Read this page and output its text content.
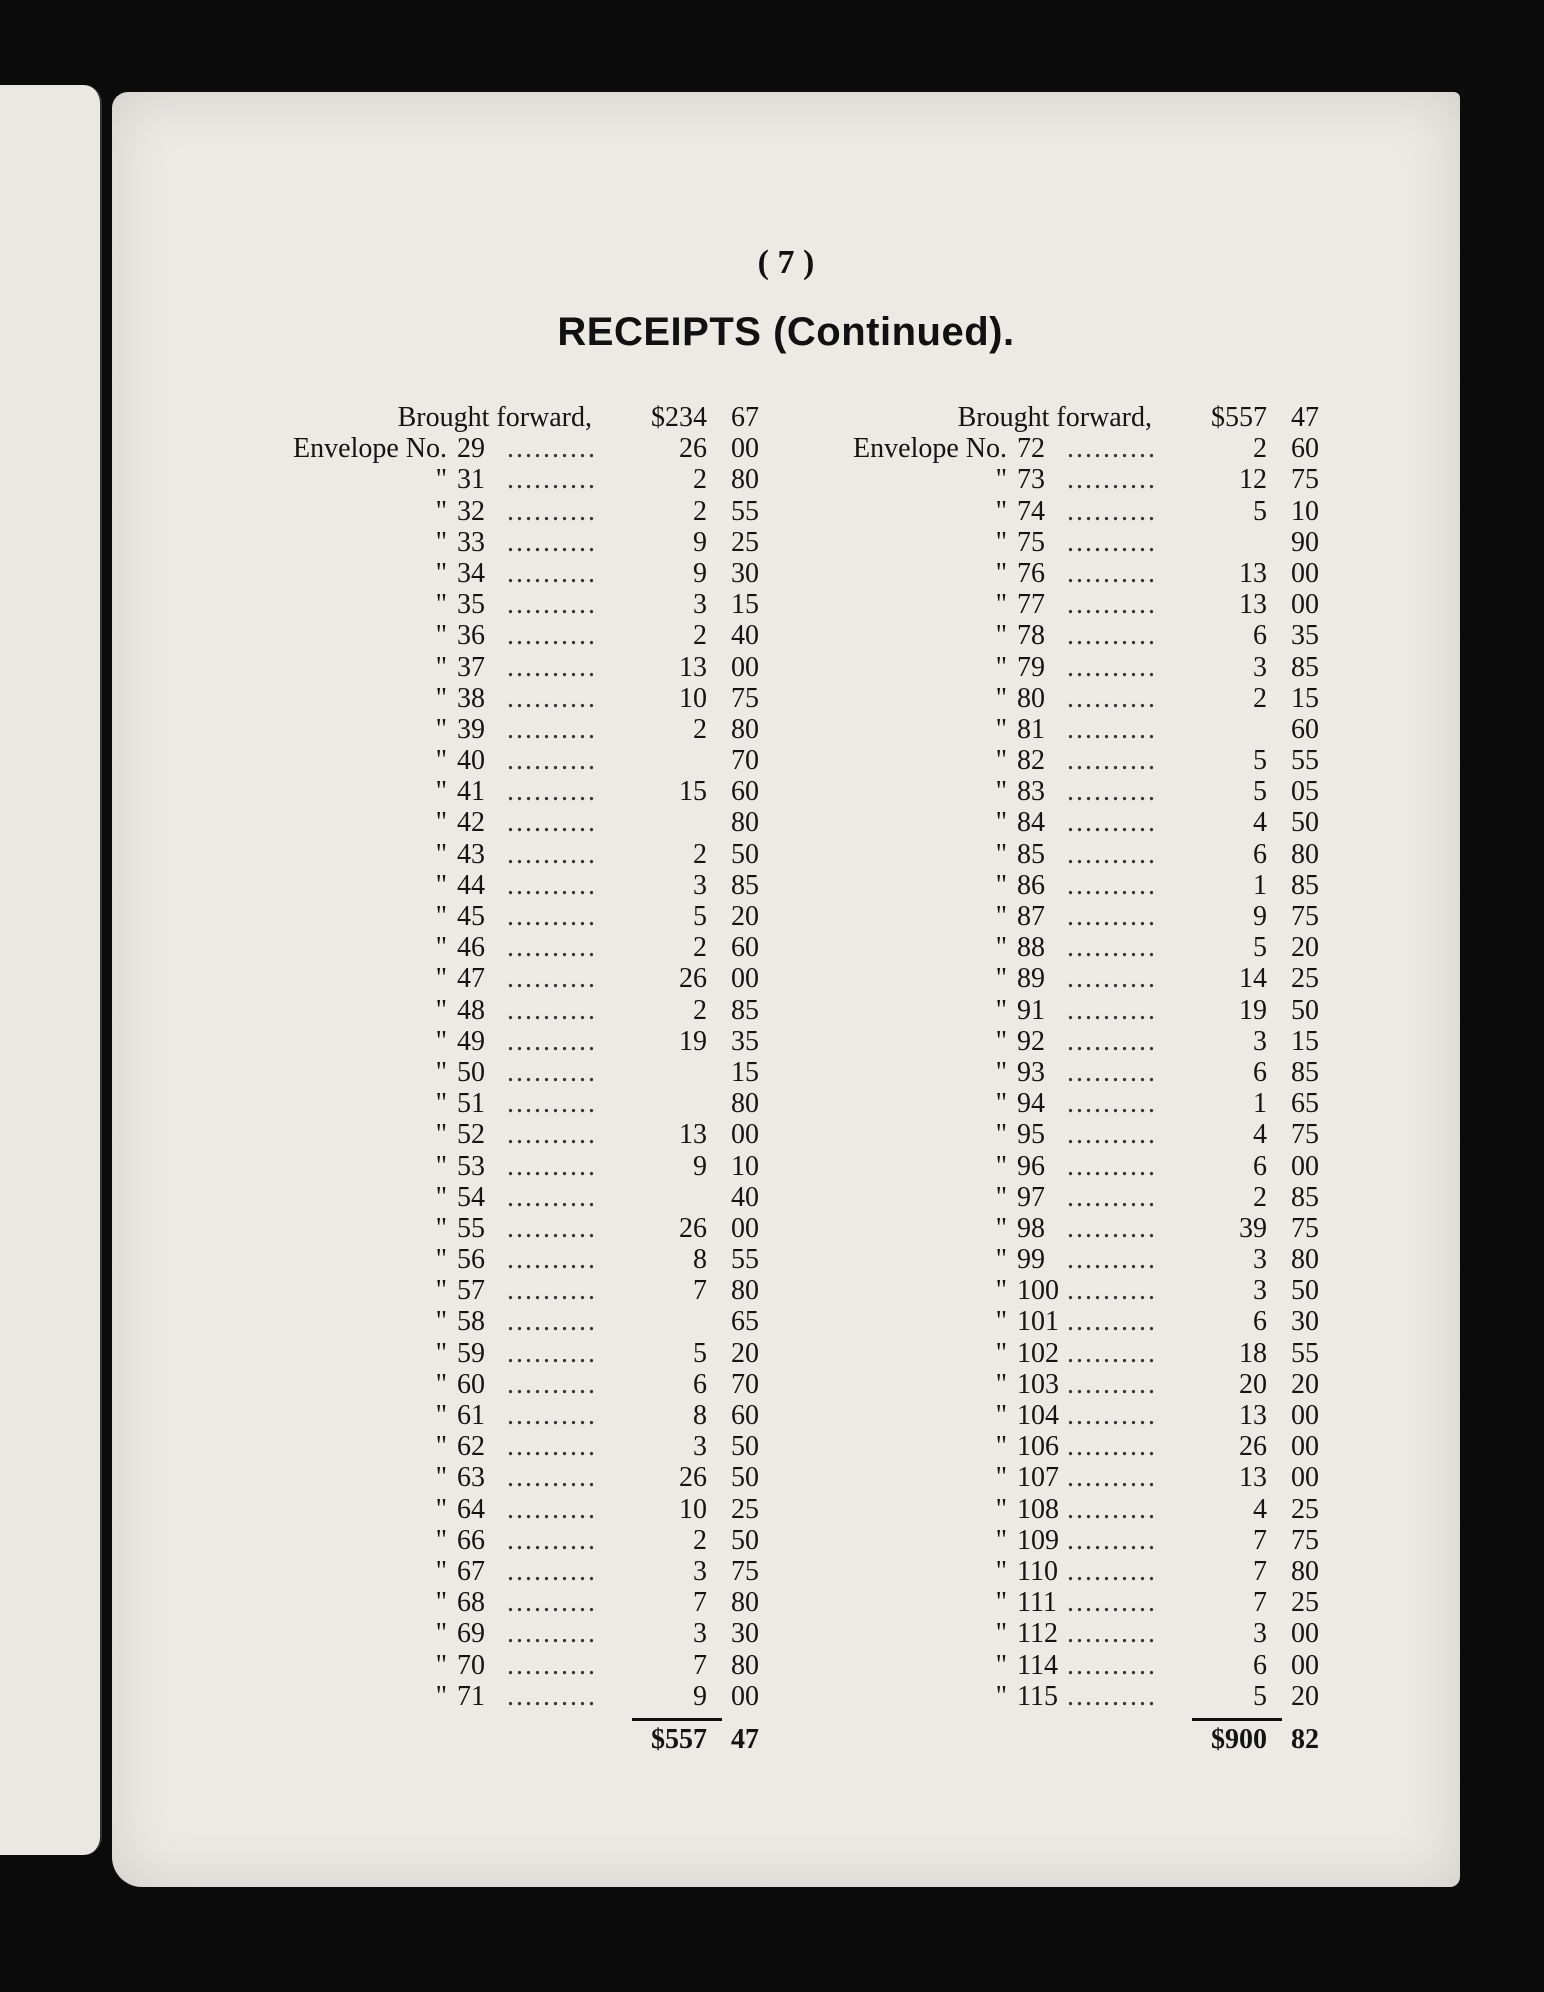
( 7 )
RECEIPTS (Continued).
Brought forward,	$234 67
Envelope No. 29 ..........	26 00
" 31 ..........	2 80
" 32 ..........	2 55
" 33 ..........	9 25
" 34 ..........	9 30
" 35 ..........	3 15
" 36 ..........	2 40
" 37 ..........	13 00
" 38 ..........	10 75
" 39 ..........	2 80
" 40 ..........	70
" 41 ..........	15 60
" 42 ..........	80
" 43 ..........	2 50
" 44 ..........	3 85
" 45 ..........	5 20
" 46 ..........	2 60
" 47 ..........	26 00
" 48 ..........	2 85
" 49 ..........	19 35
" 50 ..........	15
" 51 ..........	80
" 52 ..........	13 00
" 53 ..........	9 10
" 54 ..........	40
" 55 ..........	26 00
" 56 ..........	8 55
" 57 ..........	7 80
" 58 ..........	65
" 59 ..........	5 20
" 60 ..........	6 70
" 61 ..........	8 60
" 62 ..........	3 50
" 63 ..........	26 50
" 64 ..........	10 25
" 66 ..........	2 50
" 67 ..........	3 75
" 68 ..........	7 80
" 69 ..........	3 30
" 70 ..........	7 80
" 71 ..........	9 00
$557 47
Brought forward,	$557 47
Envelope No. 72 ..........	2 60
" 73 ..........	12 75
" 74 ..........	5 10
" 75 ..........	90
" 76 ..........	13 00
" 77 ..........	13 00
" 78 ..........	6 35
" 79 ..........	3 85
" 80 ..........	2 15
" 81 ..........	60
" 82 ..........	5 55
" 83 ..........	5 05
" 84 ..........	4 50
" 85 ..........	6 80
" 86 ..........	1 85
" 87 ..........	9 75
" 88 ..........	5 20
" 89 ..........	14 25
" 91 ..........	19 50
" 92 ..........	3 15
" 93 ..........	6 85
" 94 ..........	1 65
" 95 ..........	4 75
" 96 ..........	6 00
" 97 ..........	2 85
" 98 ..........	39 75
" 99 ..........	3 80
" 100 ..........	3 50
" 101 ..........	6 30
" 102 ..........	18 55
" 103 ..........	20 20
" 104 ..........	13 00
" 106 ..........	26 00
" 107 ..........	13 00
" 108 ..........	4 25
" 109 ..........	7 75
" 110 ..........	7 80
" 111 ..........	7 25
" 112 ..........	3 00
" 114 ..........	6 00
" 115 ..........	5 20
$900 82
